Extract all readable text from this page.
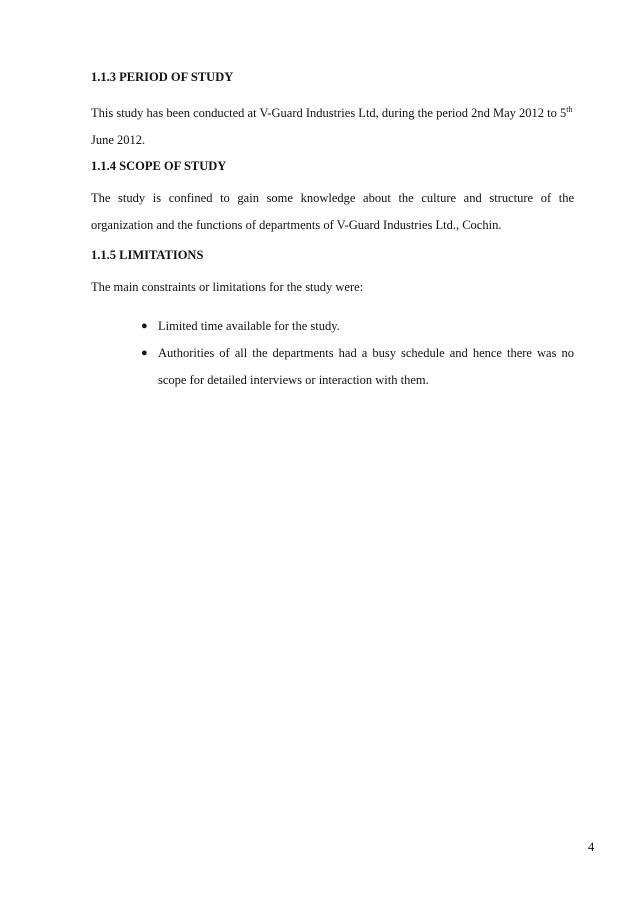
1.1.3 PERIOD OF STUDY

This study has been conducted at V-Guard Industries Ltd, during the period 2nd May 2012 to 5th June 2012.

1.1.4 SCOPE OF STUDY

The study is confined to gain some knowledge about the culture and structure of the organization and the functions of departments of V-Guard Industries Ltd., Cochin.

1.1.5 LIMITATIONS

The main constraints or limitations for the study were:

● Limited time available for the study.
● Authorities of all the departments had a busy schedule and hence there was no scope for detailed interviews or interaction with them.

4
